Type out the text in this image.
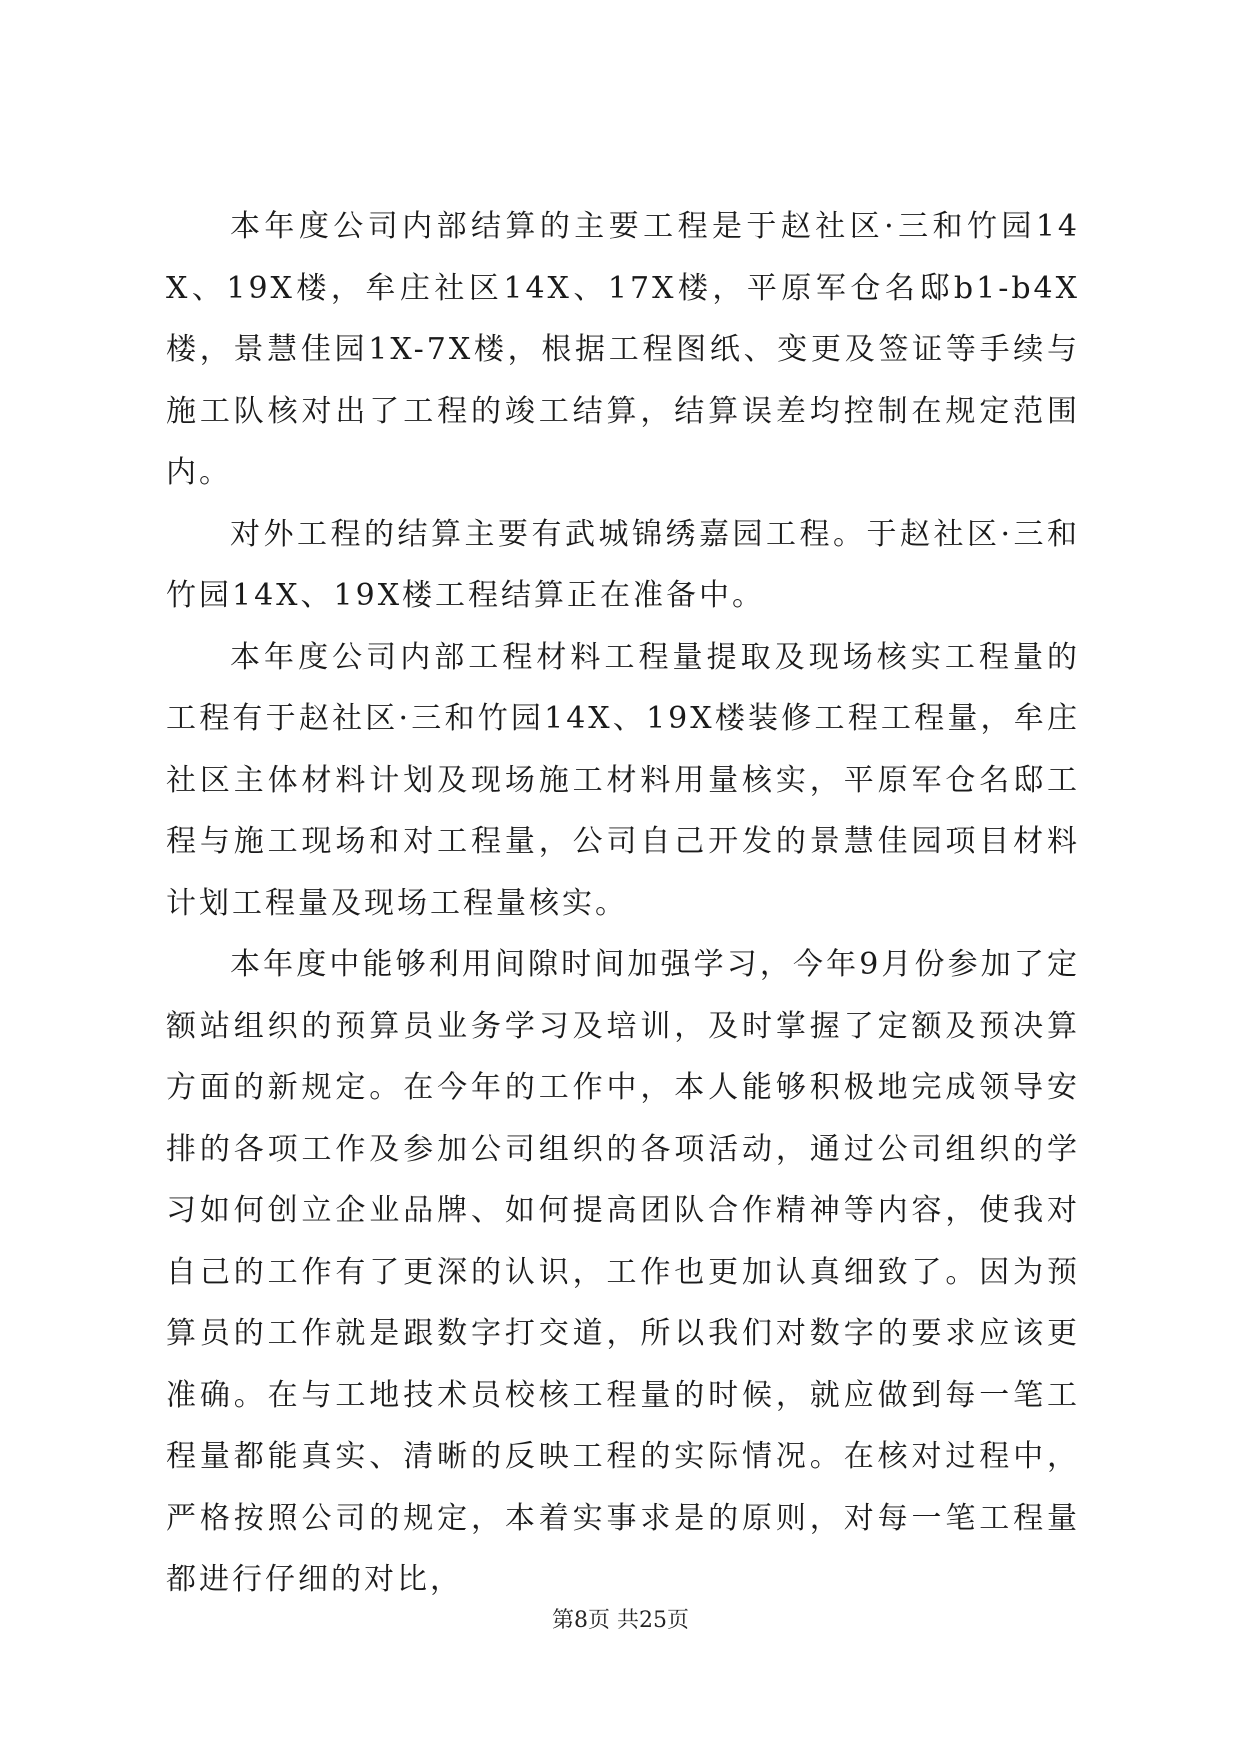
本年度公司内部结算的主要工程是于赵社区·三和竹园14X、19X楼，牟庄社区14X、17X楼，平原军仓名邸b1-b4X楼，景慧佳园1X-7X楼，根据工程图纸、变更及签证等手续与施工队核对出了工程的竣工结算，结算误差均控制在规定范围内。

对外工程的结算主要有武城锦绣嘉园工程。于赵社区·三和竹园14X、19X楼工程结算正在准备中。

本年度公司内部工程材料工程量提取及现场核实工程量的工程有于赵社区·三和竹园14X、19X楼装修工程工程量，牟庄社区主体材料计划及现场施工材料用量核实，平原军仓名邸工程与施工现场和对工程量，公司自己开发的景慧佳园项目材料计划工程量及现场工程量核实。

本年度中能够利用间隙时间加强学习，今年9月份参加了定额站组织的预算员业务学习及培训，及时掌握了定额及预决算方面的新规定。在今年的工作中，本人能够积极地完成领导安排的各项工作及参加公司组织的各项活动，通过公司组织的学习如何创立企业品牌、如何提高团队合作精神等内容，使我对自己的工作有了更深的认识，工作也更加认真细致了。因为预算员的工作就是跟数字打交道，所以我们对数字的要求应该更准确。在与工地技术员校核工程量的时候，就应做到每一笔工程量都能真实、清晰的反映工程的实际情况。在核对过程中，严格按照公司的规定，本着实事求是的原则，对每一笔工程量都进行仔细的对比，

第8页 共25页
